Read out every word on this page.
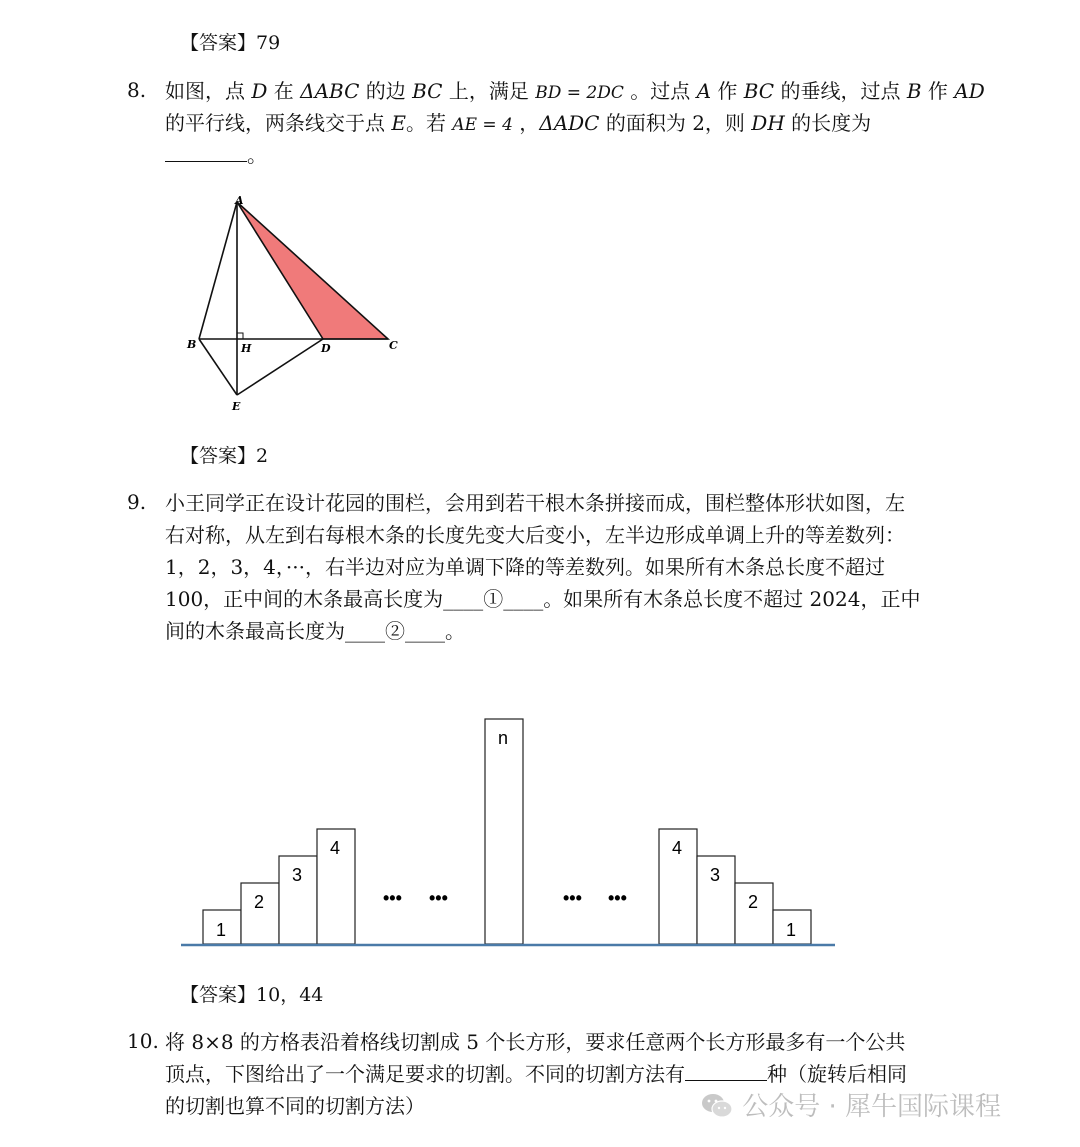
【答案】79
8. 如图，点 D 在 ΔABC 的边 BC 上，满足 BD = 2DC 。过点 A 作 BC 的垂线，过点 B 作 AD
的平行线，两条线交于点 E。若 AE = 4 ，ΔADC 的面积为 2，则 DH 的长度为
。
A
B	H	D	C
E
【答案】2
9. 小王同学正在设计花园的围栏，会用到若干根木条拼接而成，围栏整体形状如图，左
右对称，从左到右每根木条的长度先变大后变小，左半边形成单调上升的等差数列：
1，2，3，4，···，右半边对应为单调下降的等差数列。如果所有木条总长度不超过
100，正中间的木条最高长度为____①____。如果所有木条总长度不超过 2024，正中
间的木条最高长度为____②____。
1
2
3
4
n
4
3
2
1
••• •••	••• •••
【答案】10，44
10. 将 8×8 的方格表沿着格线切割成 5 个长方形，要求任意两个长方形最多有一个公共
顶点，下图给出了一个满足要求的切割。不同的切割方法有	种（旋转后相同
的切割也算不同的切割方法）	公众号 · 犀牛国际课程
